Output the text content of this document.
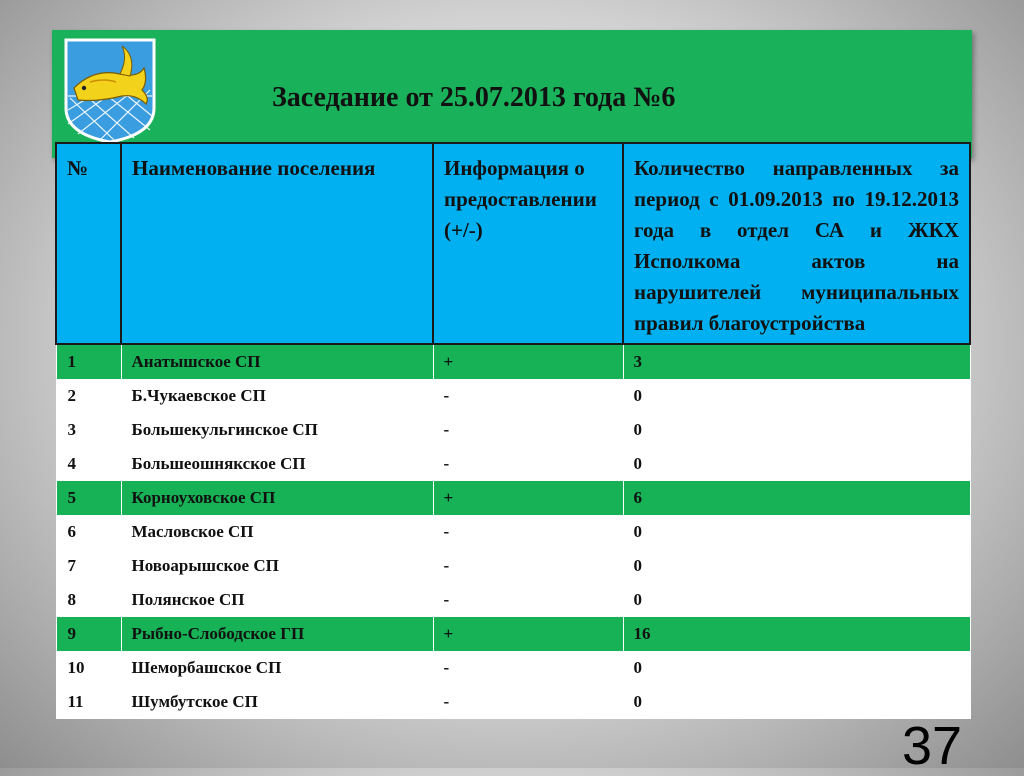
Заседание от 25.07.2013 года №6
№	Наименование поселения	Информация о предоставлении (+/-)	Количество направленных за период с 01.09.2013 по 19.12.2013 года в отдел СА и ЖКХ Исполкома актов на нарушителей муниципальных правил благоустройства
1	Анатышское СП	+	3
2	Б.Чукаевское СП	-	0
3	Большекульгинское СП	-	0
4	Большеошнякское СП	-	0
5	Корноуховское СП	+	6
6	Масловское СП	-	0
7	Новоарышское СП	-	0
8	Полянское СП	-	0
9	Рыбно-Слободское ГП	+	16
10	Шеморбашское СП	-	0
11	Шумбутское СП	-	0
37
